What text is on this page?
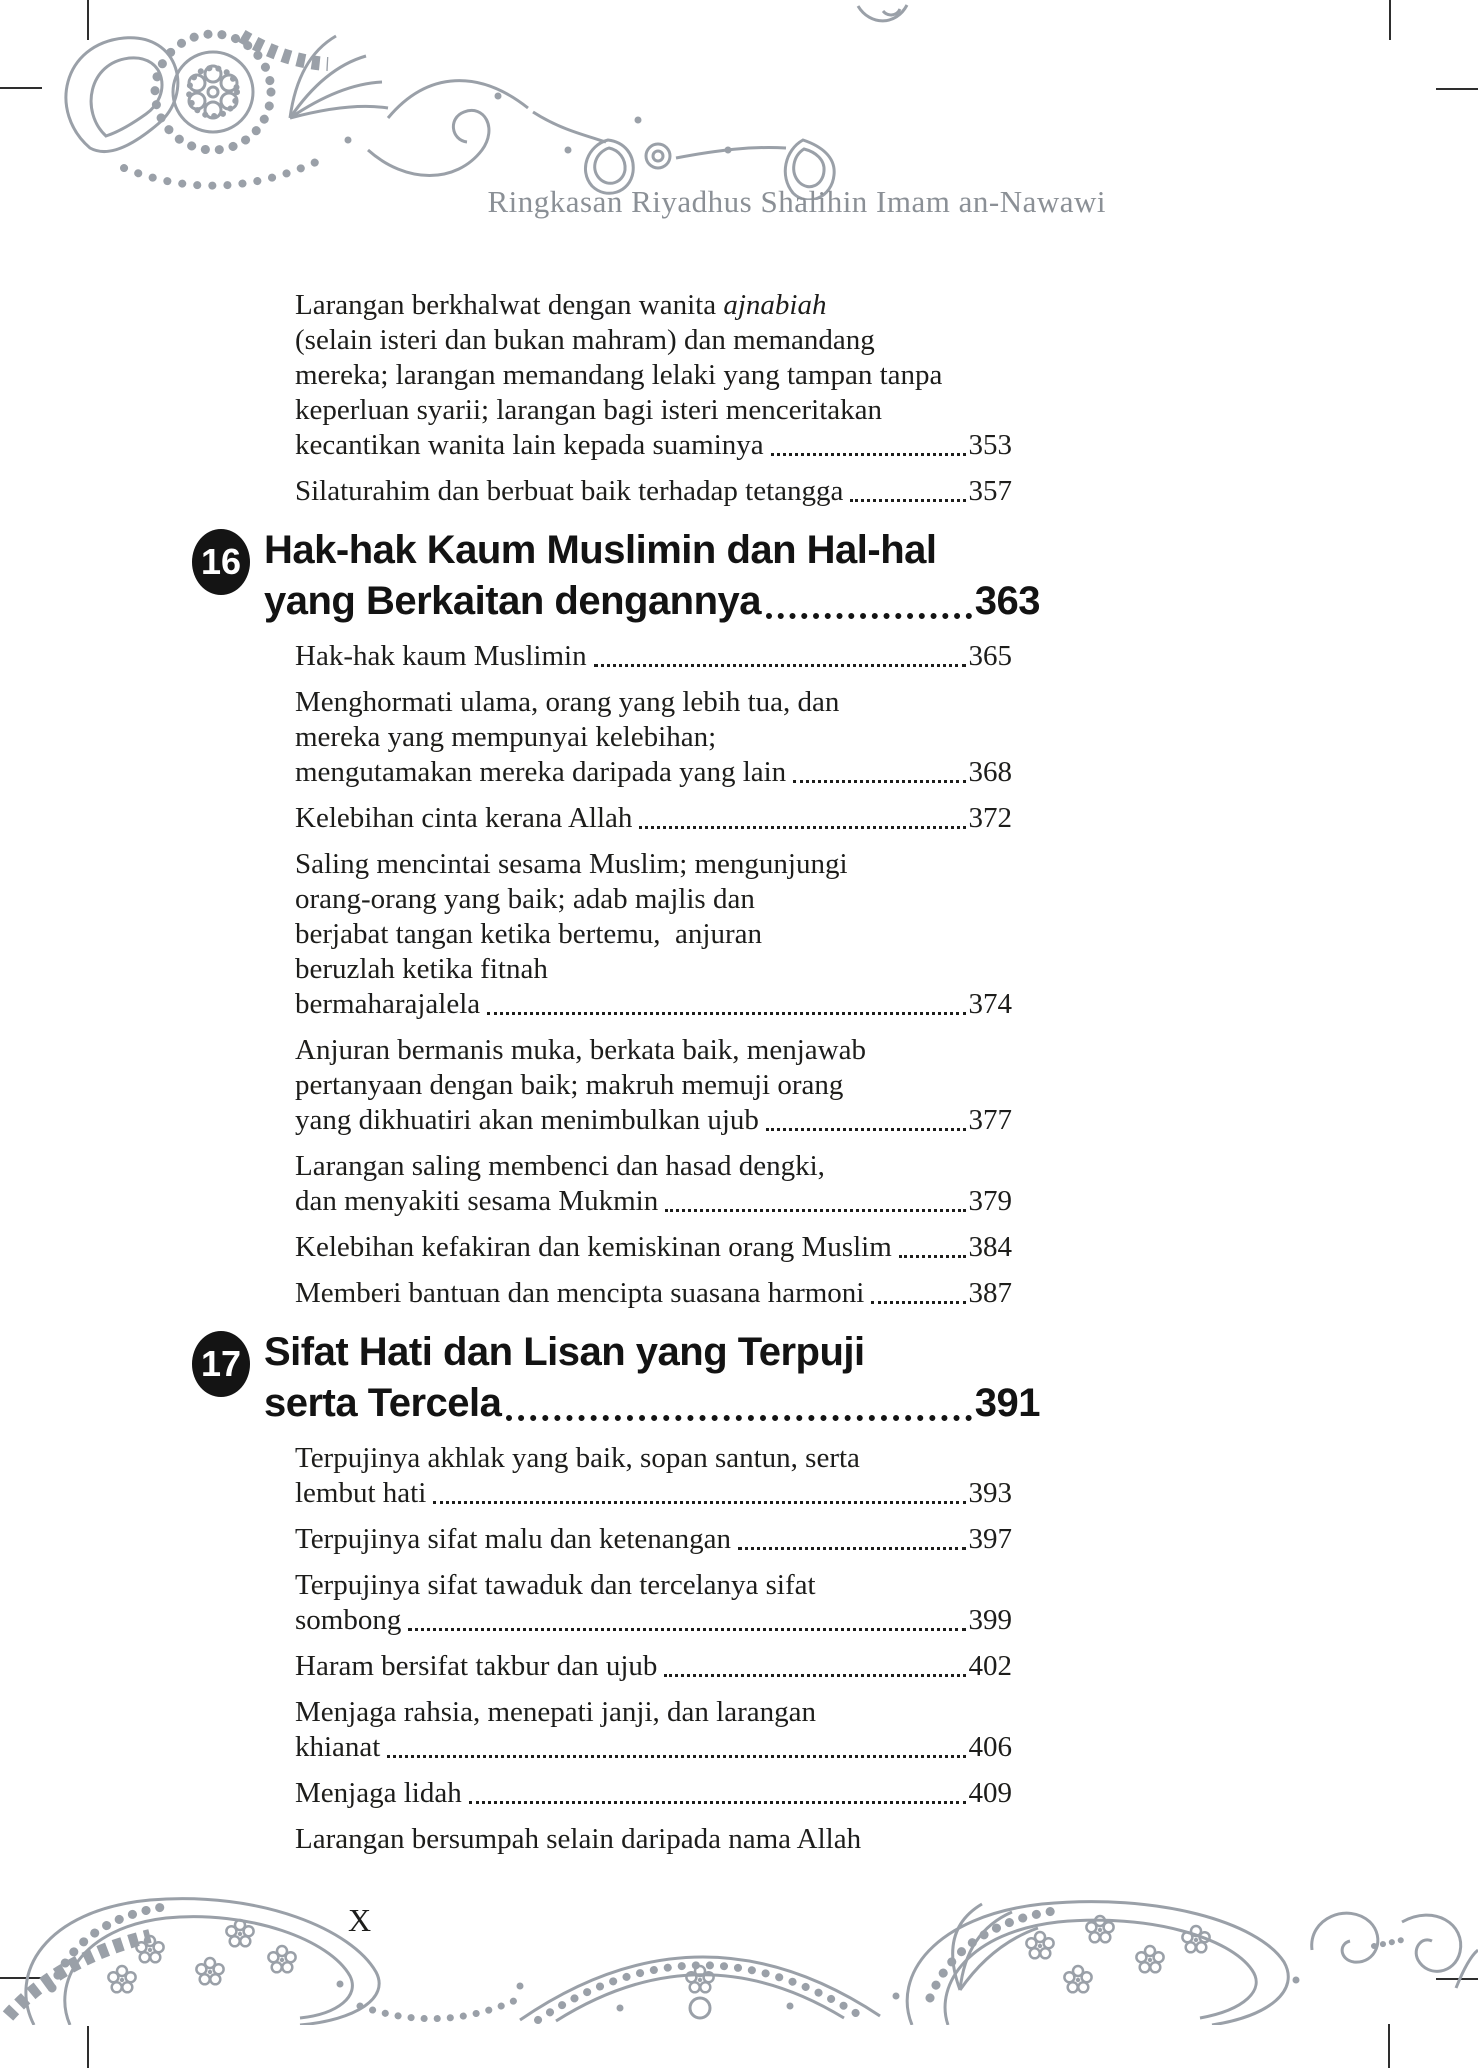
Ringkasan Riyadhus Shalihin Imam an-Nawawi
Larangan berkhalwat dengan wanita ajnabiah
(selain isteri dan bukan mahram) dan memandang
mereka; larangan memandang lelaki yang tampan tanpa
keperluan syarii; larangan bagi isteri menceritakan
kecantikan wanita lain kepada suaminya	353
Silaturahim dan berbuat baik terhadap tetangga	357
16 Hak-hak Kaum Muslimin dan Hal-hal
yang Berkaitan dengannya	363
Hak-hak kaum Muslimin	365
Menghormati ulama, orang yang lebih tua, dan
mereka yang mempunyai kelebihan;
mengutamakan mereka daripada yang lain	368
Kelebihan cinta kerana Allah	372
Saling mencintai sesama Muslim; mengunjungi
orang-orang yang baik; adab majlis dan
berjabat tangan ketika bertemu,  anjuran
beruzlah ketika fitnah
bermaharajalela	374
Anjuran bermanis muka, berkata baik, menjawab
pertanyaan dengan baik; makruh memuji orang
yang dikhuatiri akan menimbulkan ujub	377
Larangan saling membenci dan hasad dengki,
dan menyakiti sesama Mukmin	379
Kelebihan kefakiran dan kemiskinan orang Muslim	384
Memberi bantuan dan mencipta suasana harmoni	387
17 Sifat Hati dan Lisan yang Terpuji
serta Tercela	391
Terpujinya akhlak yang baik, sopan santun, serta
lembut hati	393
Terpujinya sifat malu dan ketenangan	397
Terpujinya sifat tawaduk dan tercelanya sifat
sombong	399
Haram bersifat takbur dan ujub	402
Menjaga rahsia, menepati janji, dan larangan
khianat	406
Menjaga lidah	409
Larangan bersumpah selain daripada nama Allah
X
